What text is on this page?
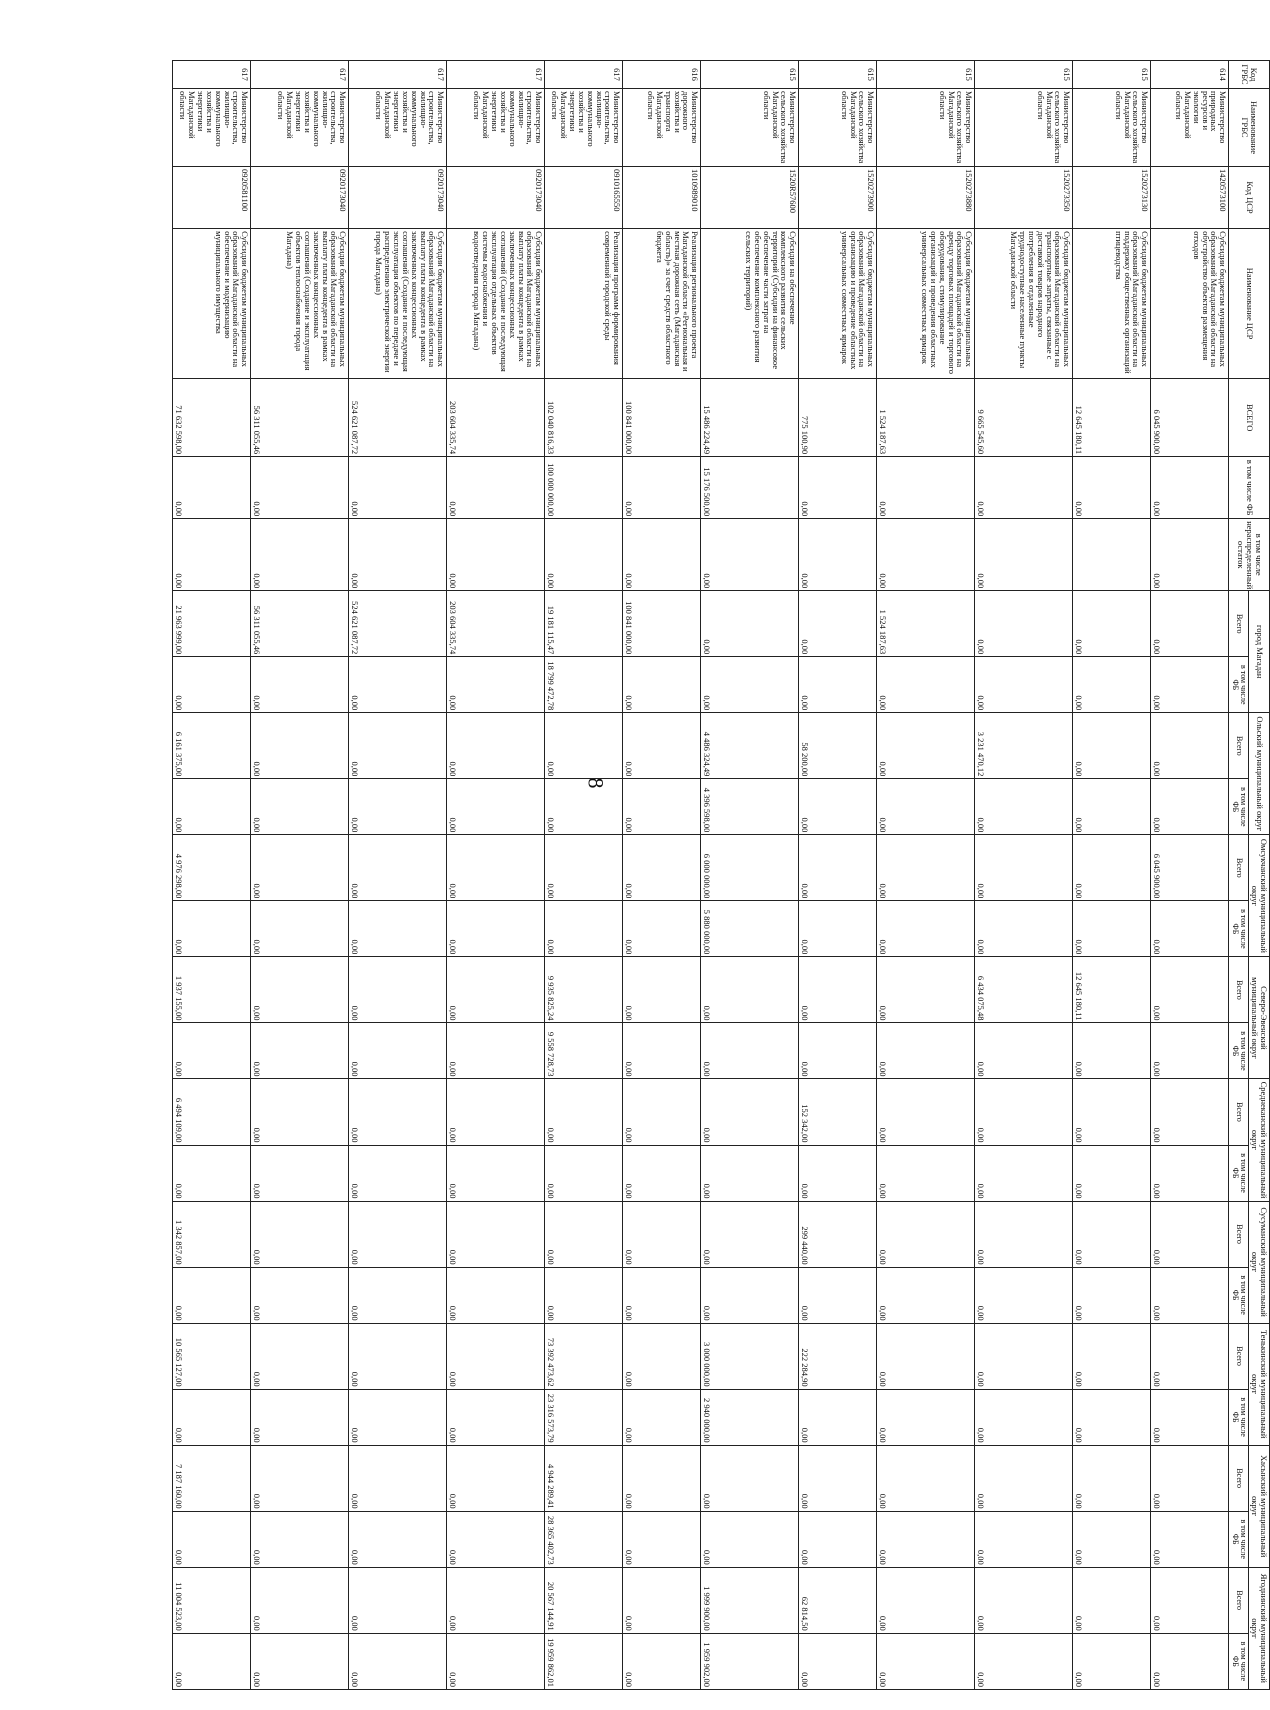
8
Код ГРБС	Наименование ГРБС	Код ЦСР	Наименование ЦСР	ВСЕГО	в том числе ФБ	в том числе нераспределенный остаток	город Магадан		Ольский муниципальный округ		Омсукчанский муниципальный округ		Северо-Эвенский муниципальный округ		Среднеканский муниципальный округ		Сусуманский муниципальный округ		Тенькинский муниципальный округ		Хасынский муниципальный округ		Ягоднинский муниципальный округ	
							Всего	в том числе ФБ	Всего	в том числе ФБ	Всего	в том числе ФБ	Всего	в том числе ФБ	Всего	в том числе ФБ	Всего	в том числе ФБ	Всего	в том числе ФБ	Всего	в том числе ФБ	Всего	в том числе ФБ
614	Министерство природных ресурсов и экологии Магаданской области	1420573100	Субсидии бюджетам муниципальных образований Магаданской области на обустройство объектов размещения отходов	6 045 900,00	0,00	0,00	0,00	0,00	0,00	0,00	6 045 900,00	0,00	0,00	0,00	0,00	0,00	0,00	0,00	0,00	0,00	0,00	0,00	0,00	0,00
615	Министерство сельского хозяйства Магаданской области	1520273130	Субсидии бюджетам муниципальных образований Магаданской области на поддержку общественных организаций птицеводства	12 645 180,11	0,00		0,00	0,00	0,00	0,00	0,00	0,00	12 645 180,11	0,00	0,00	0,00	0,00	0,00	0,00	0,00	0,00	0,00	0,00	0,00
615	Министерство сельского хозяйства Магаданской области	1520273350	Субсидии бюджетам муниципальных образований Магаданской области на транспортные затраты, связанные с доставкой товаров народного потребления в отдаленные труднодоступные населенные пункты Магаданской области	9 665 545,60	0,00	0,00	0,00	0,00	3 231 470,12	0,00	0,00	0,00	6 434 075,48	0,00	0,00	0,00	0,00	0,00	0,00	0,00	0,00	0,00	0,00	0,00
615	Министерство сельского хозяйства Магаданской области	1520273880	Субсидии бюджетам муниципальных образований Магаданской области на аренду торговых площадей и торгового оборудования, стимулирование организаций и проведения областных универсальных совместных ярмарок	1 524 187,63	0,00	0,00	1 524 187,63	0,00	0,00	0,00	0,00	0,00	0,00	0,00	0,00	0,00	0,00	0,00	0,00	0,00	0,00	0,00	0,00	0,00
615	Министерство сельского хозяйства Магаданской области	1520273900	Субсидии бюджетам муниципальных образований Магаданской области на организацию и проведение областных универсальных совместных ярмарок	775 100,90	0,00	0,00	0,00	0,00	58 200,00	0,00	0,00	0,00	0,00	0,00	152 342,00	0,00	299 440,00	0,00	222 284,90	0,00	0,00	0,00	62 814,50	0,00
615	Министерство сельского хозяйства Магаданской области	1520R57600	Субсидии на обеспечение комплексного развития сельских территорий (Субсидии на финансовое обеспечение части затрат на обеспечение комплексного развития сельских территорий)	15 486 224,49	15 176 500,00	0,00	0,00	0,00	4 486 324,49	4 396 598,00	6 000 000,00	5 880 000,00	0,00	0,00	0,00	0,00	0,00	0,00	3 000 000,00	2 940 000,00	0,00	0,00	1 999 900,00	1 959 902,00
616	Министерство дорожного хозяйства и транспорта Магаданской области	1010989010	Реализация регионального проекта Магаданской области «Региональная и местная дорожная сеть (Магаданская область)» за счет средств областного бюджета	100 841 000,00	0,00	0,00	100 841 000,00	0,00	0,00	0,00	0,00	0,00	0,00	0,00	0,00	0,00	0,00	0,00	0,00	0,00	0,00	0,00	0,00	0,00
617	Министерство строительства, жилищно-коммунального хозяйства и энергетики Магаданской области	0910165550	Реализация программ формирования современной городской среды	102 040 816,33	100 000 000,00	0,00	19 181 115,47	18 799 472,78	0,00	0,00	0,00	0,00	9 935 825,24	9 558 728,73	0,00	0,00	0,00	0,00	73 392 473,62	23 316 573,79	4 944 289,41	28 365 402,73	20 567 144,91	19 959 862,01
617	Министерство строительства, жилищно-коммунального хозяйства и энергетики Магаданской области	0920173040	Субсидии бюджетам муниципальных образований Магаданской области на выплату платы концедента в рамках заключенных концессионных соглашений (Создание и последующая эксплуатация отдельных объектов системы водоснабжения и водоотведения города Магадана)	203 604 335,74	0,00	0,00	203 604 335,74	0,00	0,00	0,00	0,00	0,00	0,00	0,00	0,00	0,00	0,00	0,00	0,00	0,00	0,00	0,00	0,00	0,00
617	Министерство строительства, жилищно-коммунального хозяйства и энергетики Магаданской области	0920173040	Субсидии бюджетам муниципальных образований Магаданской области на выплату платы концедента в рамках заключенных концессионных соглашений (Создание и последующая эксплуатация объектов по передаче и распределению электрической энергии города Магадана)	524 621 087,72	0,00	0,00	524 621 087,72	0,00	0,00	0,00	0,00	0,00	0,00	0,00	0,00	0,00	0,00	0,00	0,00	0,00	0,00	0,00	0,00	0,00
617	Министерство строительства, жилищно-коммунального хозяйства и энергетики Магаданской области	0920173040	Субсидии бюджетам муниципальных образований Магаданской области на выплату платы концедента в рамках заключенных концессионных соглашений (Создание и эксплуатация объектов теплоснабжения города Магадана)	56 311 055,46	0,00	0,00	56 311 055,46	0,00	0,00	0,00	0,00	0,00	0,00	0,00	0,00	0,00	0,00	0,00	0,00	0,00	0,00	0,00	0,00	0,00
617	Министерство строительства, жилищно-коммунального хозяйства и энергетики Магаданской области	0920581100	Субсидии бюджетам муниципальных образований Магаданской области на обеспечение и модернизацию муниципального имущества	71 632 598,00	0,00	0,00	21 963 999,00	0,00	6 161 375,00	0,00	4 976 298,00	0,00	1 937 155,00	0,00	6 494 109,00	0,00	1 342 857,00	0,00	10 565 127,00	0,00	7 187 160,00	0,00	11 004 523,00	0,00
